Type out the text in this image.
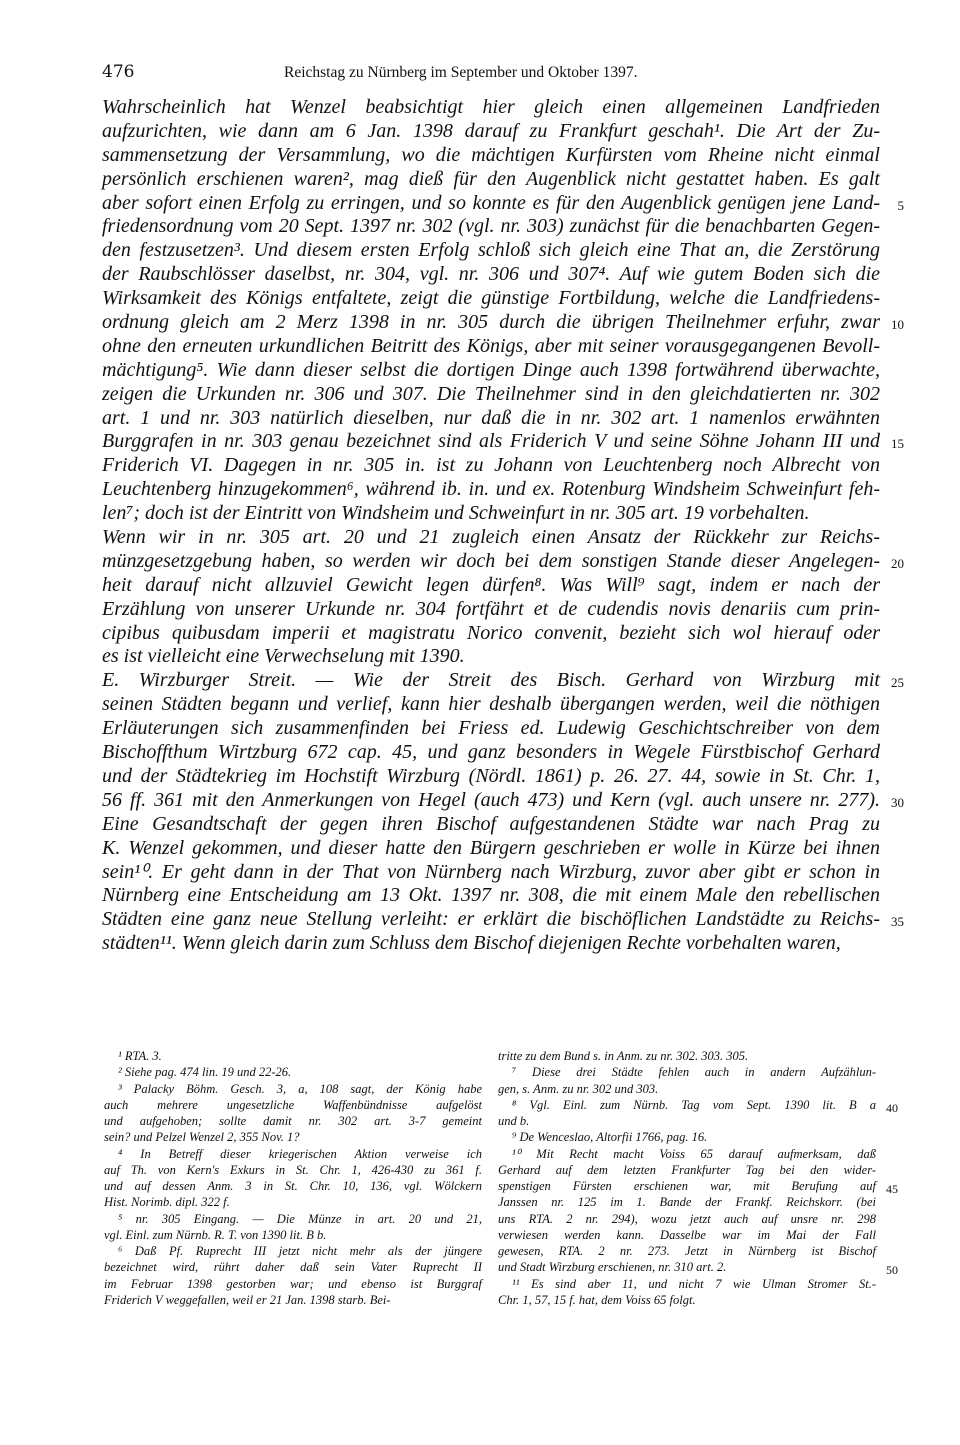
476	Reichstag zu Nürnberg im September und Oktober 1397.
Wahrscheinlich hat Wenzel beabsichtigt hier gleich einen allgemeinen Landfrieden
aufzurichten, wie dann am 6 Jan. 1398 darauf zu Frankfurt geschah¹. Die Art der Zu-
sammensetzung der Versammlung, wo die mächtigen Kurfürsten vom Rheine nicht einmal
persönlich erschienen waren², mag dieß für den Augenblick nicht gestattet haben. Es galt
aber sofort einen Erfolg zu erringen, und so konnte es für den Augenblick genügen jene Land- 5
friedensordnung vom 20 Sept. 1397 nr. 302 (vgl. nr. 303) zunächst für die benachbarten Gegen-
den festzusetzen³. Und diesem ersten Erfolg schloß sich gleich eine That an, die Zerstörung
der Raubschlösser daselbst, nr. 304, vgl. nr. 306 und 307⁴. Auf wie gutem Boden sich die
Wirksamkeit des Königs entfaltete, zeigt die günstige Fortbildung, welche die Landfriedens-
ordnung gleich am 2 Merz 1398 in nr. 305 durch die übrigen Theilnehmer erfuhr, zwar 10
ohne den erneuten urkundlichen Beitritt des Königs, aber mit seiner vorausgegangenen Bevoll-
mächtigung⁵. Wie dann dieser selbst die dortigen Dinge auch 1398 fortwährend überwachte,
zeigen die Urkunden nr. 306 und 307. Die Theilnehmer sind in den gleichdatierten nr. 302
art. 1 und nr. 303 natürlich dieselben, nur daß die in nr. 302 art. 1 namenlos erwähnten
Burggrafen in nr. 303 genau bezeichnet sind als Friderich V und seine Söhne Johann III und 15
Friderich VI. Dagegen in nr. 305 in. ist zu Johann von Leuchtenberg noch Albrecht von
Leuchtenberg hinzugekommen⁶, während ib. in. und ex. Rotenburg Windsheim Schweinfurt feh-
len⁷; doch ist der Eintritt von Windsheim und Schweinfurt in nr. 305 art. 19 vorbehalten.
Wenn wir in nr. 305 art. 20 und 21 zugleich einen Ansatz der Rückkehr zur Reichs-
münzgesetzgebung haben, so werden wir doch bei dem sonstigen Stande dieser Angelegen- 20
heit darauf nicht allzuviel Gewicht legen dürfen⁸. Was Will⁹ sagt, indem er nach der
Erzählung von unserer Urkunde nr. 304 fortfährt et de cudendis novis denariis cum prin-
cipibus quibusdam imperii et magistratu Norico convenit, bezieht sich wol hierauf oder
es ist vielleicht eine Verwechselung mit 1390.
E. Wirzburger Streit. — Wie der Streit des Bisch. Gerhard von Wirzburg mit 25
seinen Städten begann und verlief, kann hier deshalb übergangen werden, weil die nöthigen
Erläuterungen sich zusammenfinden bei Friess ed. Ludewig Geschichtschreiber von dem
Bischoffthum Wirtzburg 672 cap. 45, und ganz besonders in Wegele Fürstbischof Gerhard
und der Städtekrieg im Hochstift Wirzburg (Nördl. 1861) p. 26. 27. 44, sowie in St. Chr. 1,
56 ff. 361 mit den Anmerkungen von Hegel (auch 473) und Kern (vgl. auch unsere nr. 277). 30
Eine Gesandtschaft der gegen ihren Bischof aufgestandenen Städte war nach Prag zu
K. Wenzel gekommen, und dieser hatte den Bürgern geschrieben er wolle in Kürze bei ihnen
sein¹⁰. Er geht dann in der That von Nürnberg nach Wirzburg, zuvor aber gibt er schon in
Nürnberg eine Entscheidung am 13 Okt. 1397 nr. 308, die mit einem Male den rebellischen
Städten eine ganz neue Stellung verleiht: er erklärt die bischöflichen Landstädte zu Reichs- 35
städten¹¹. Wenn gleich darin zum Schluss dem Bischof diejenigen Rechte vorbehalten waren,
¹ RTA. 3.
² Siehe pag. 474 lin. 19 und 22-26.
³ Palacky Böhm. Gesch. 3, a, 108 sagt, der König habe
auch mehrere ungesetzliche Waffenbündnisse aufgelöst
und aufgehoben; sollte damit nr. 302 art. 3-7 gemeint
sein? und Pelzel Wenzel 2, 355 Nov. 1?
⁴ In Betreff dieser kriegerischen Aktion verweise ich
auf Th. von Kern's Exkurs in St. Chr. 1, 426-430 zu 361 f.
und auf dessen Anm. 3 in St. Chr. 10, 136, vgl. Wölckern
Hist. Norimb. dipl. 322 f.
⁵ nr. 305 Eingang. — Die Münze in art. 20 und 21,
vgl. Einl. zum Nürnb. R. T. von 1390 lit. B b.
⁶ Daß Pf. Ruprecht III jetzt nicht mehr als der jüngere
bezeichnet wird, rührt daher daß sein Vater Ruprecht II
im Februar 1398 gestorben war; und ebenso ist Burggraf
Friderich V weggefallen, weil er 21 Jan. 1398 starb. Bei-
tritte zu dem Bund s. in Anm. zu nr. 302. 303. 305.
⁷ Diese drei Städte fehlen auch in andern Aufzählun-
gen, s. Anm. zu nr. 302 und 303.
⁸ Vgl. Einl. zum Nürnb. Tag vom Sept. 1390 lit. B a 40
und b.
⁹ De Wenceslao, Altorfii 1766, pag. 16.
¹⁰ Mit Recht macht Voiss 65 darauf aufmerksam, daß
Gerhard auf dem letzten Frankfurter Tag bei den wider-
spenstigen Fürsten erschienen war, mit Berufung auf 45
Janssen nr. 125 im 1. Bande der Frankf. Reichskorr. (bei
uns RTA. 2 nr. 294), wozu jetzt auch auf unsre nr. 298
verwiesen werden kann. Dasselbe war im Mai der Fall
gewesen, RTA. 2 nr. 273. Jetzt in Nürnberg ist Bischof
und Stadt Wirzburg erschienen, nr. 310 art. 2.	50
¹¹ Es sind aber 11, und nicht 7 wie Ulman Stromer St.-
Chr. 1, 57, 15 f. hat, dem Voiss 65 folgt.
